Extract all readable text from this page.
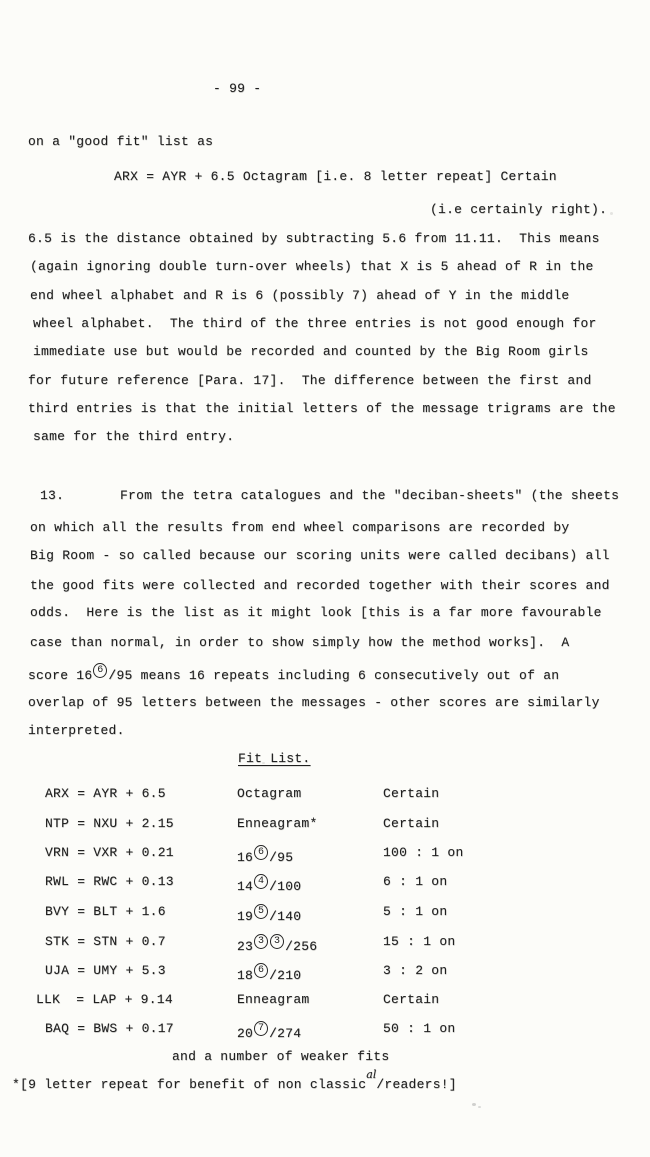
- 99 -
on a "good fit" list as
ARX = AYR + 6.5 Octagram [i.e. 8 letter repeat] Certain
(i.e certainly right).
6.5 is the distance obtained by subtracting 5.6 from 11.11.  This means
(again ignoring double turn-over wheels) that X is 5 ahead of R in the
end wheel alphabet and R is 6 (possibly 7) ahead of Y in the middle
wheel alphabet.  The third of the three entries is not good enough for
immediate use but would be recorded and counted by the Big Room girls
for future reference [Para. 17].  The difference between the first and
third entries is that the initial letters of the message trigrams are the
same for the third entry.
13.	From the tetra catalogues and the "deciban-sheets" (the sheets
on which all the results from end wheel comparisons are recorded by
Big Room - so called because our scoring units were called decibans) all
the good fits were collected and recorded together with their scores and
odds.  Here is the list as it might look [this is a far more favourable
case than normal, in order to show simply how the method works].  A
score 16 6 /95 means 16 repeats including 6 consecutively out of an
overlap of 95 letters between the messages - other scores are similarly
interpreted.
Fit List.
ARX = AYR + 6.5	Octagram	Certain
NTP = NXU + 2.15	Enneagram*	Certain
VRN = VXR + 0.21	16 6 /95	100 : 1 on
RWL = RWC + 0.13	14 4 /100	6 : 1 on
BVY = BLT + 1.6	19 5 /140	5 : 1 on
STK = STN + 0.7	23 3 3 /256	15 : 1 on
UJA = UMY + 5.3	18 6 /210	3 : 2 on
LLK  = LAP + 9.14	Enneagram	Certain
BAQ = BWS + 0.17	20 7 /274	50 : 1 on
and a number of weaker fits
*[9 letter repeat for benefit of non classical/readers!]
